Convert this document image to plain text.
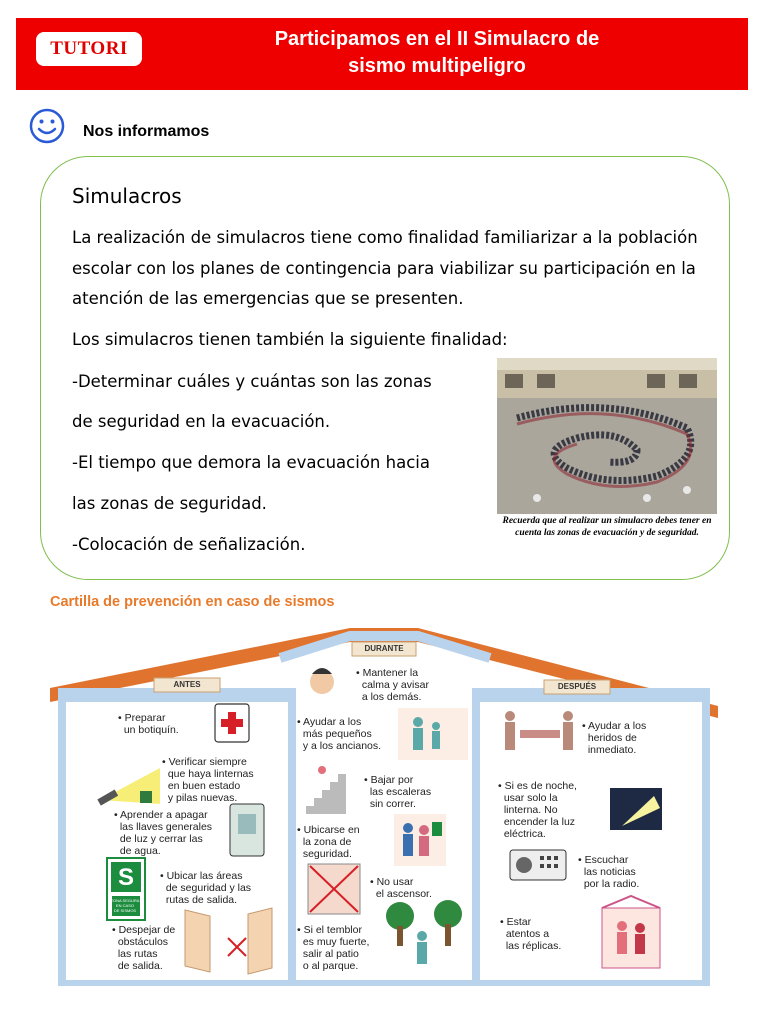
TUTORI	Participamos en el II Simulacro de
sismo multipeligro
Nos informamos
Simulacros
La realización de simulacros tiene como finalidad familiarizar a la población escolar con los planes de contingencia para viabilizar su participación en la atención de las emergencias que se presenten.
Los simulacros tienen también la siguiente finalidad:
-Determinar cuáles y cuántas son las zonas
de seguridad en la evacuación.
-El tiempo que demora la evacuación hacia
las zonas de seguridad.
-Colocación de señalización.
Recuerda que al realizar un simulacro debes tener en cuenta las zonas de evacuación y de seguridad.
Cartilla de prevención en caso de sismos
S
ANTES
DURANTE
DESPUÉS
• Preparar
un botiquín.
• Verificar siempre
que haya linternas
en buen estado
y pilas nuevas.
• Aprender a apagar
las llaves generales
de luz y cerrar las
de agua.
• Ubicar las áreas
de seguridad y las
rutas de salida.
• Despejar de
obstáculos
las rutas
de salida.
• Mantener la
calma y avisar
a los demás.
• Ayudar a los
más pequeños
y a los ancianos.
• Bajar por
las escaleras
sin correr.
• Ubicarse en
la zona de
seguridad.
• No usar
el ascensor.
• Si el temblor
es muy fuerte,
salir al patio
o al parque.
• Ayudar a los
heridos de
inmediato.
• Si es de noche,
usar solo la
linterna. No
encender la luz
eléctrica.
• Escuchar
las noticias
por la radio.
• Estar
atentos a
las réplicas.
ZONA SEGURA
EN CASO
DE SISMOS
